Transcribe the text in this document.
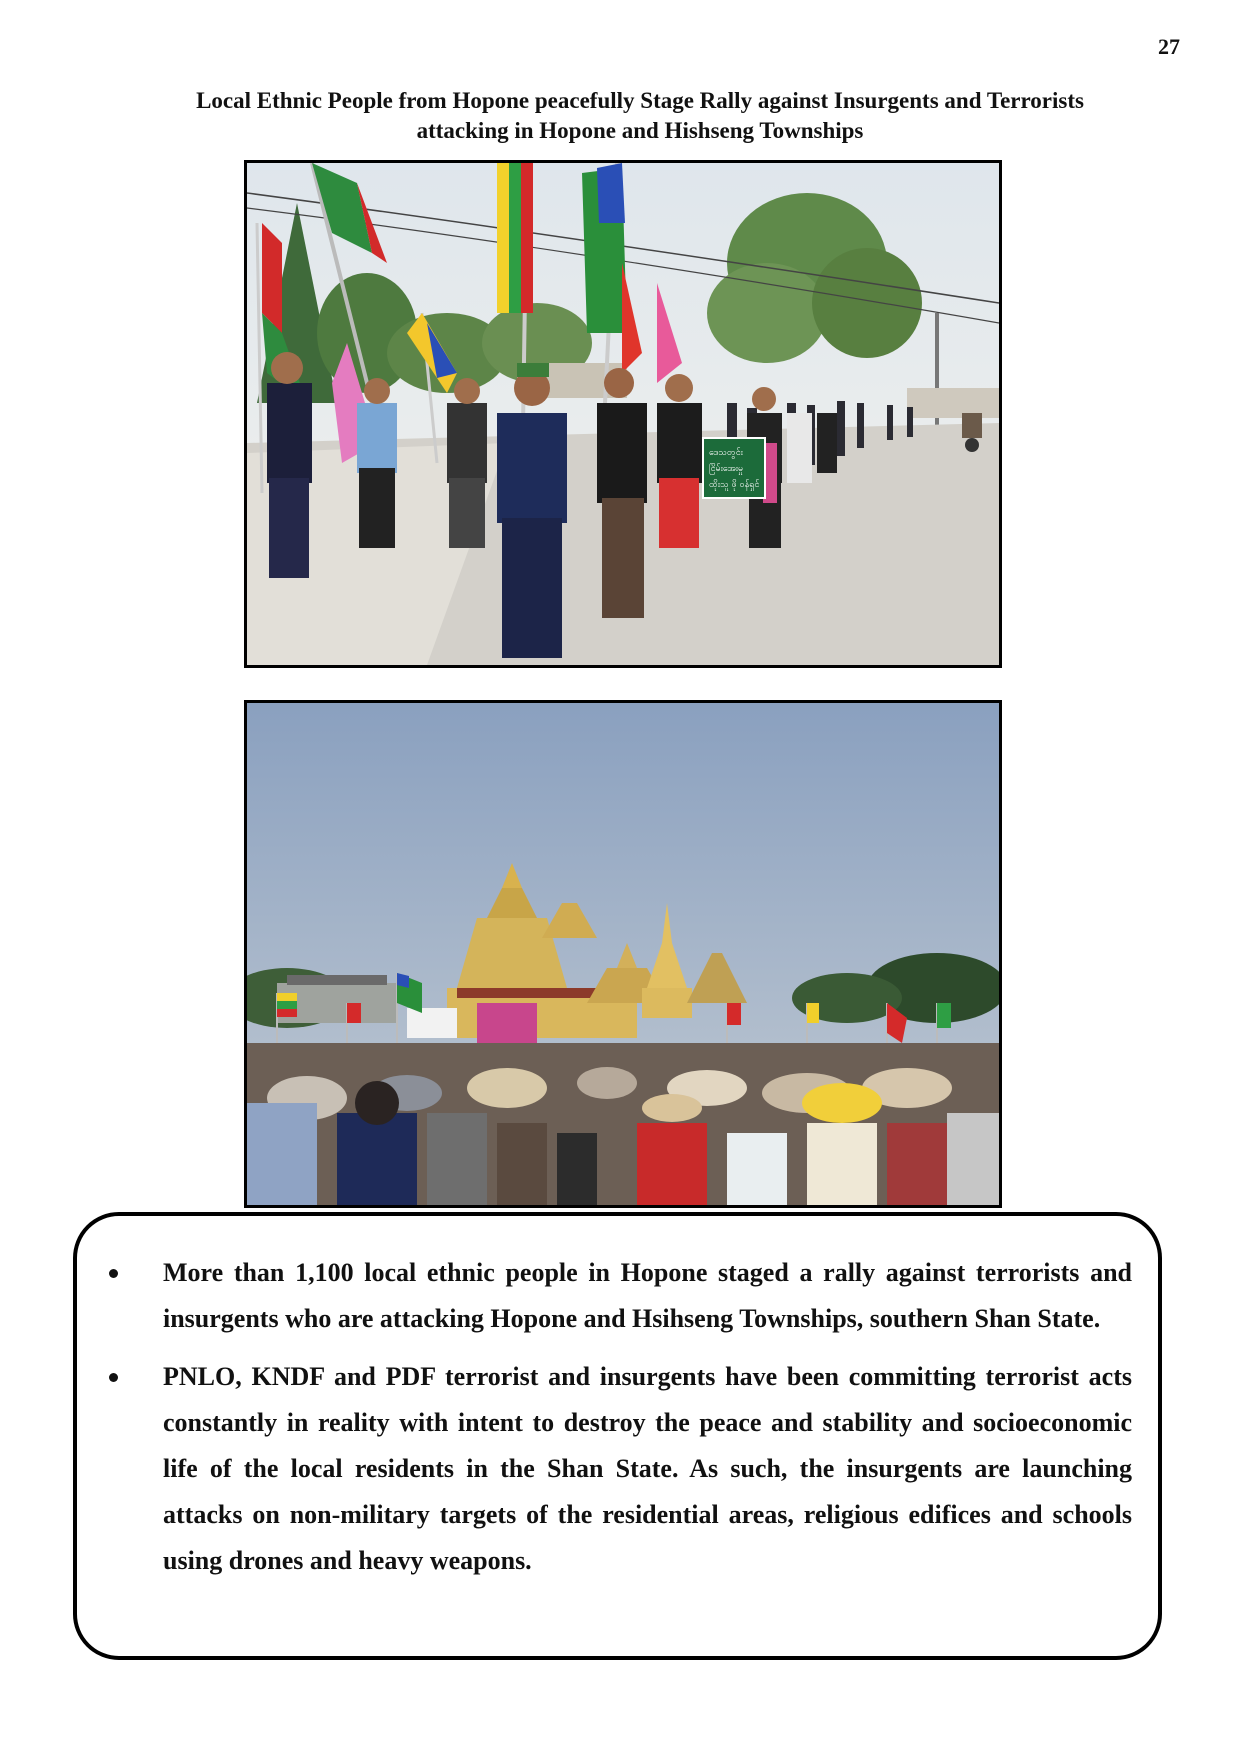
27
Local Ethnic People from Hopone peacefully Stage Rally against Insurgents and Terrorists
attacking in Hopone and Hishseng Townships
ဒေသတွင်း
ငြိမ်းအေးမှု
ထိုးသူ ဖို ဝန်ရှင်
More than 1,100 local ethnic people in Hopone staged a rally against terrorists and insurgents who are attacking Hopone and Hsihseng Townships, southern Shan State.
PNLO, KNDF and PDF terrorist and insurgents have been committing terrorist acts constantly in reality with intent to destroy the peace and stability and socioeconomic life of the local residents in the Shan State. As such, the insurgents are launching attacks on non-military targets of the residential areas, religious edifices and schools using drones and heavy weapons.
